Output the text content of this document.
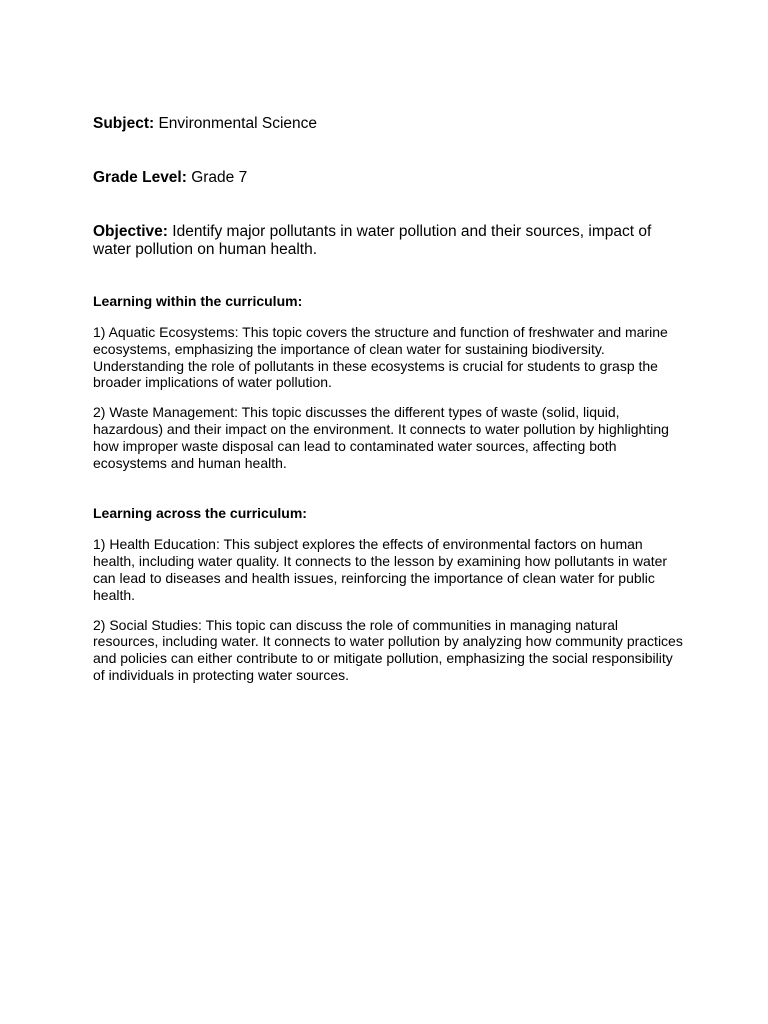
Subject: Environmental Science

Grade Level: Grade 7

Objective: Identify major pollutants in water pollution and their sources, impact of water pollution on human health.

Learning within the curriculum:

1) Aquatic Ecosystems: This topic covers the structure and function of freshwater and marine ecosystems, emphasizing the importance of clean water for sustaining biodiversity. Understanding the role of pollutants in these ecosystems is crucial for students to grasp the broader implications of water pollution.

2) Waste Management: This topic discusses the different types of waste (solid, liquid, hazardous) and their impact on the environment. It connects to water pollution by highlighting how improper waste disposal can lead to contaminated water sources, affecting both ecosystems and human health.

Learning across the curriculum:

1) Health Education: This subject explores the effects of environmental factors on human health, including water quality. It connects to the lesson by examining how pollutants in water can lead to diseases and health issues, reinforcing the importance of clean water for public health.

2) Social Studies: This topic can discuss the role of communities in managing natural resources, including water. It connects to water pollution by analyzing how community practices and policies can either contribute to or mitigate pollution, emphasizing the social responsibility of individuals in protecting water sources.
